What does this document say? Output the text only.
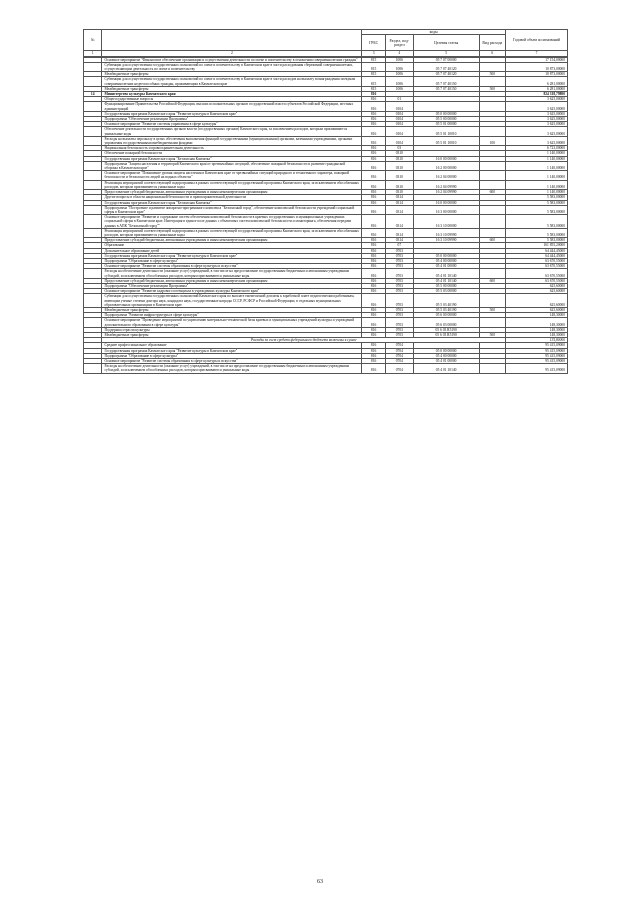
№		коды				Годовой объем ассигнований
		ГРБС	Раздел, под-раздел	Целевая статья	Вид расхода	
1	2	3	4	5	6	7

	Основное мероприятие "Финансовое обеспечение организации и осуществления деятельности по опеке и попечительству в отношении совершеннолетних граждан"	815	1006	05 7 07 00000		17 154,00000
	Субвенции для осуществления государственных полномочий по опеке и попечительству в Камчатском крае в части расходования сбережений совершеннолетних, осуществляющим деятельность по опеке и попечительству	815	1006	05 7 07 40120		10 873,00000
	Межбюджетные трансферты	815	1006	05 7 07 40120	500	10 873,00000
	Субвенции для осуществления государственных полномочий по опеке и попечительству в Камчатском крае в части расходов на выплату вознаграждения опекунам совершеннолетних недееспособных граждан, проживающим в Камчатском крае	815	1006	05 7 07 40150		6 281,00000
	Межбюджетные трансферты	815	1006	05 7 07 40150	500	6 281,00000
14	Министерство культуры Камчатского края	816				824 318,79800
	Общегосударственные вопросы	816	01			3 625,00000
	Функционирование Правительства Российской Федерации, высших исполнительных органов государственной власти субъектов Российской Федерации, местных администраций	816	0104			3 625,00000
	Государственная программа Камчатского края "Развитие культуры в Камчатском крае"	816	0104	05 0 00 00000		3 625,00000
	Подпрограмма "Обеспечение реализации Программы"	816	0104	05 5 00 00000		3 625,00000
	Основное мероприятие "Развитие системы управления в сфере культуры"	816	0104	05 5 01 00000		3 625,00000
	Обеспечение деятельности государственных органов власти (государственных органов) Камчатского края, за исключением расходов, которым присваиваются уникальные коды	816	0104	05 5 01 10010		3 625,00000
	Расходы на выплаты персоналу в целях обеспечения выполнения функций государственными (муниципальными) органами, казенными учреждениями, органами управления государственными внебюджетными фондами	816	0104	05 5 01 10010	100	3 625,00000
	Национальная безопасность и правоохранительная деятельность	816	03			6 723,00000
	Обеспечение пожарной безопасности	816	0310			1 140,00000
	Государственная программа Камчатского края "Безопасная Камчатка"	816	0310	16 0 00 00000		1 140,00000
	Подпрограмма "Защита населения и территорий Камчатского края от чрезвычайных ситуаций, обеспечение пожарной безопасности и развитие гражданской обороны в Камчатском крае"	816	0310	16 2 00 00000		1 140,00000
	Основное мероприятие "Повышение уровня защиты населения в Камчатском крае от чрезвычайных ситуаций природного и техногенного характера, пожарной безопасности и безопасности людей на водных объектах"	816	0310	16 2 04 00000		1 140,00000
	Реализация мероприятий соответствующей подпрограммы в рамках соответствующей государственной программы Камчатского края, за исключением обособленных расходов, которым присваиваются уникальные коды	816	0310	16 2 04 09990		1 140,00000
	Предоставление субсидий бюджетным, автономным учреждениям и иным некоммерческим организациям	816	0310	16 2 04 09990	600	1 140,00000
	Другие вопросы в области национальной безопасности и правоохранительной деятельности	816	0314			5 583,00000
	Государственная программа Камчатского края "Безопасная Камчатка"	816	0314	16 0 00 00000		5 583,00000
	Подпрограмма "Построение и развитие аппаратно-программного комплекса "Безопасный город", обеспечение комплексной безопасности учреждений социальной сферы в Камчатском крае"	816	0314	16 3 00 00000		5 583,00000
	Основное мероприятие "Развитие и содержание систем обеспечения комплексной безопасности в краевых государственных и муниципальных учреждениях социальной сферы в Камчатском крае. Интеграция в единое поле данных с объектовых систем комплексной безопасности и мониторинга, обеспечения передачи данных в АПК "Безопасный город""	816	0314	16 3 10 00000		5 583,00000
	Реализация мероприятий соответствующей подпрограммы в рамках соответствующей государственной программы Камчатского края, за исключением обособленных расходов, которым присваиваются уникальные коды	816	0314	16 3 10 09990		5 583,00000
	Предоставление субсидий бюджетным, автономным учреждениям и иным некоммерческим организациям	816	0314	16 3 10 09990	600	5 583,00000
	Образование	816	07			161 855,20000
	Дополнительное образование детей	816	0703			64 444,45000
	Государственная программа Камчатского края "Развитие культуры в Камчатском крае"	816	0703	05 0 00 00000		64 444,45000
	Подпрограмма "Образование в сфере культуры"	816	0703	05 4 00 00000		63 670,55000
	Основное мероприятие "Развитие системы образования в сфере культуры и искусства"	816	0703	05 4 01 00000		63 670,55000
	Расходы на обеспечение деятельности (оказание услуг) учреждений, в том числе на предоставление государственным бюджетным и автономным учреждениям субсидий, за исключением обособленных расходов, которым присваиваются уникальные коды	816	0703	05 4 01 10140		63 670,55000
	Предоставление субсидий бюджетным, автономным учреждениям и иным некоммерческим организациям	816	0703	05 4 01 10140	600	63 670,55000
	Подпрограмма "Обеспечение реализации Программы"	816	0703	05 5 00 00000		625,60000
	Основное мероприятие "Развитие кадрового потенциала в учреждениях культуры Камчатского края"	816	0703	05 5 03 00000		625,60000
	Субвенции для осуществления государственных полномочий Камчатского края по выплате ежемесячной доплаты к заработной плате педагогическим работникам, имеющим ученые степени доктора наук, кандидата наук, государственные награды СССР, РСФСР и Российской Федерации, в отдельных муниципальных образовательных организациях в Камчатском крае	816	0703	05 5 03 40190		625,60000
	Межбюджетные трансферты	816	0703	05 5 03 40190	500	625,60000
	Подпрограмма "Развитие инфраструктуры в сфере культуры"	816	0703	05 6 00 00000		148,30000
	Основное мероприятие "Проведение мероприятий по укреплению материально-технической базы краевых и муниципальных учреждений культуры и учреждений дополнительного образования в сфере культуры"	816	0703	05 6 03 00000		148,30000
	Поддержка отрасли культуры	816	0703	05 6 03 R5190		148,30000
	Межбюджетные трансферты	816	0703	05 6 03 R5190	500	148,30000
	Расходы за счет средств федерального бюджета включены в сумме					135,80000
	Среднее профессиональное образование	816	0704			95 415,09000
	Государственная программа Камчатского края "Развитие культуры в Камчатском крае"	816	0704	05 0 00 00000		95 415,09000
	Подпрограмма "Образование в сфере культуры"	816	0704	05 4 00 00000		95 415,09000
	Основное мероприятие "Развитие системы образования в сфере культуры и искусства"	816	0704	05 4 01 00000		95 415,09000
	Расходы на обеспечение деятельности (оказание услуг) учреждений, в том числе на предоставление государственным бюджетным и автономным учреждениям субсидий, за исключением обособленных расходов, которым присваиваются уникальные коды	816	0704	05 4 01 10140		95 415,09000
63
